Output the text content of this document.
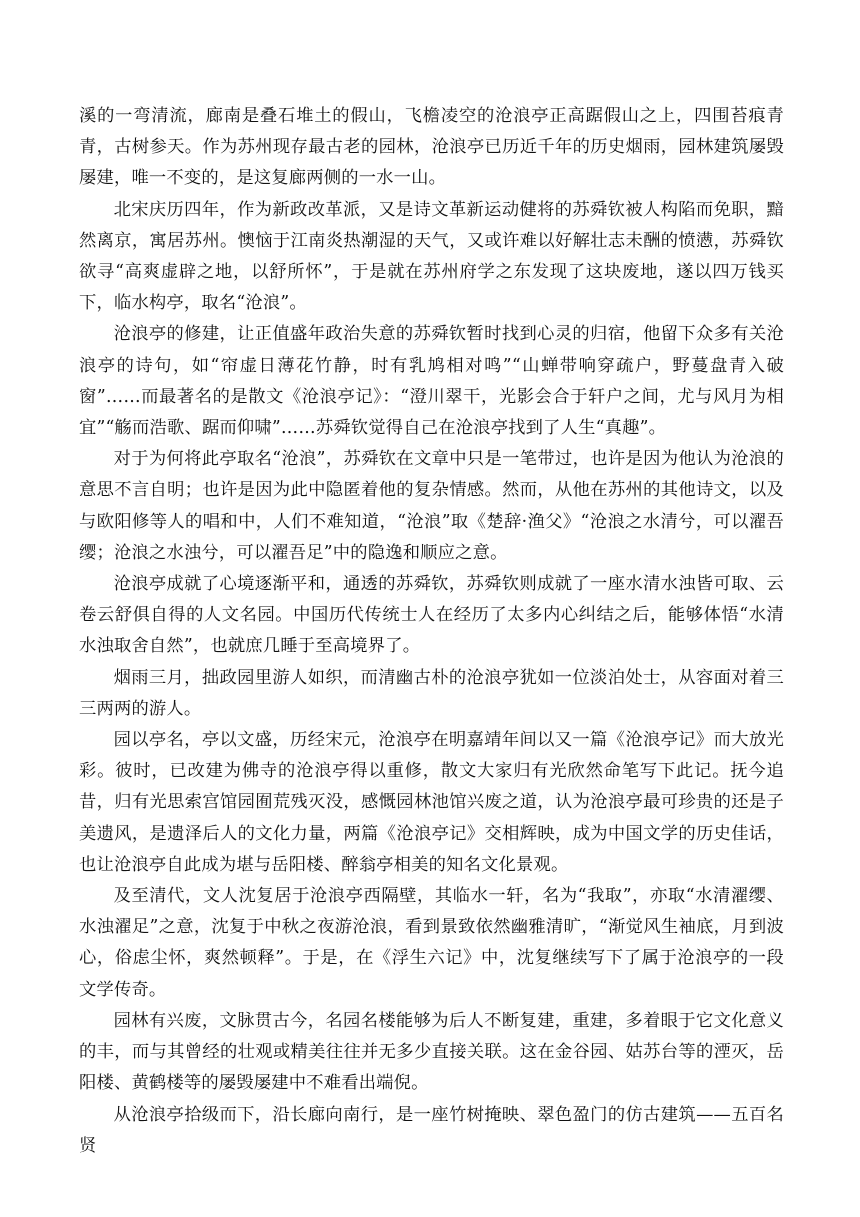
溪的一弯清流，廊南是叠石堆土的假山，飞檐凌空的沧浪亭正高踞假山之上，四围苔痕青青，古树参天。作为苏州现存最古老的园林，沧浪亭已历近千年的历史烟雨，园林建筑屡毁屡建，唯一不变的，是这复廊两侧的一水一山。

北宋庆历四年，作为新政改革派，又是诗文革新运动健将的苏舜钦被人构陷而免职，黯然离京，寓居苏州。懊恼于江南炎热潮湿的天气，又或许难以好解壮志未酬的愤懑，苏舜钦欲寻“高爽虚辟之地，以舒所怀”，于是就在苏州府学之东发现了这块废地，遂以四万钱买下，临水构亭，取名“沧浪”。

沧浪亭的修建，让正值盛年政治失意的苏舜钦暂时找到心灵的归宿，他留下众多有关沧浪亭的诗句，如“帘虚日薄花竹静，时有乳鸠相对鸣”“山蝉带响穿疏户，野蔓盘青入破窗”……而最著名的是散文《沧浪亭记》：“澄川翠干，光影会合于轩户之间，尤与风月为相宜”“觞而浩歌、踞而仰啸”……苏舜钦觉得自己在沧浪亭找到了人生“真趣”。

对于为何将此亭取名“沧浪”，苏舜钦在文章中只是一笔带过，也许是因为他认为沧浪的意思不言自明；也许是因为此中隐匿着他的复杂情感。然而，从他在苏州的其他诗文，以及与欧阳修等人的唱和中，人们不难知道，“沧浪”取《楚辞·渔父》“沧浪之水清兮，可以濯吾缨；沧浪之水浊兮，可以濯吾足”中的隐逸和顺应之意。

沧浪亭成就了心境逐渐平和，通透的苏舜钦，苏舜钦则成就了一座水清水浊皆可取、云卷云舒俱自得的人文名园。中国历代传统士人在经历了太多内心纠结之后，能够体悟“水清水浊取舍自然”，也就庶几睡于至高境界了。

烟雨三月，拙政园里游人如织，而清幽古朴的沧浪亭犹如一位淡泊处士，从容面对着三三两两的游人。

园以亭名，亭以文盛，历经宋元，沧浪亭在明嘉靖年间以又一篇《沧浪亭记》而大放光彩。彼时，已改建为佛寺的沧浪亭得以重修，散文大家归有光欣然命笔写下此记。抚今追昔，归有光思索宫馆园囿荒残灭没，感慨园林池馆兴废之道，认为沧浪亭最可珍贵的还是子美遗风，是遗泽后人的文化力量，两篇《沧浪亭记》交相辉映，成为中国文学的历史佳话，也让沧浪亭自此成为堪与岳阳楼、醉翁亭相美的知名文化景观。

及至清代，文人沈复居于沧浪亭西隔壁，其临水一轩，名为“我取”，亦取“水清濯缨、水浊濯足”之意，沈复于中秋之夜游沧浪，看到景致依然幽雅清旷，“渐觉风生袖底，月到波心，俗虑尘怀，爽然顿释”。于是，在《浮生六记》中，沈复继续写下了属于沧浪亭的一段文学传奇。

园林有兴废，文脉贯古今，名园名楼能够为后人不断复建，重建，多着眼于它文化意义的丰，而与其曾经的壮观或精美往往并无多少直接关联。这在金谷园、姑苏台等的湮灭，岳阳楼、黄鹤楼等的屡毁屡建中不难看出端倪。

从沧浪亭拾级而下，沿长廊向南行，是一座竹树掩映、翠色盈门的仿古建筑——五百名贤
